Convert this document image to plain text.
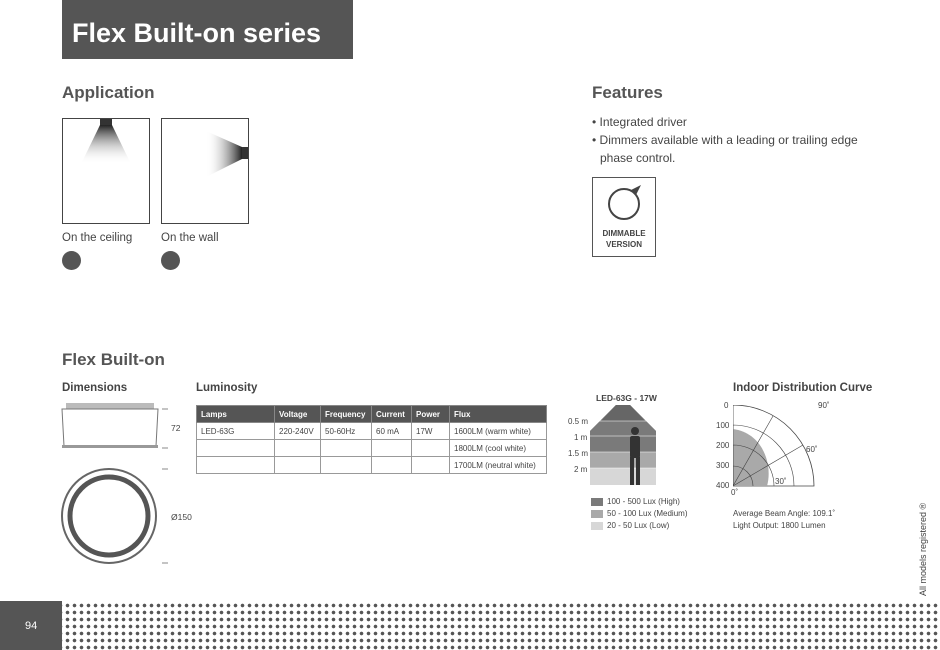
Flex Built-on series
Application
On the ceiling On the wall
Features
• Integrated driver
• Dimmers available with a leading or trailing edge
phase control.
DIMMABLE
VERSION
Flex Built-on
Dimensions	Luminosity
72
Ø150
Lamps	Voltage	Frequency	Current	Power	Flux
LED-63G	220-240V	50-60Hz	60 mA	17W	1600LM (warm white)
					1800LM (cool white)
					1700LM (neutral white)
LED-63G - 17W
0.5 m
1 m
1.5 m
2 m
100 - 500 Lux (High)
50 - 100 Lux (Medium)
20 - 50 Lux (Low)
Indoor Distribution Curve
0
100
200
300
400
90˚
60˚
30˚
0˚
Average Beam Angle: 109.1˚
Light Output: 1800 Lumen	All models registered ®
94
